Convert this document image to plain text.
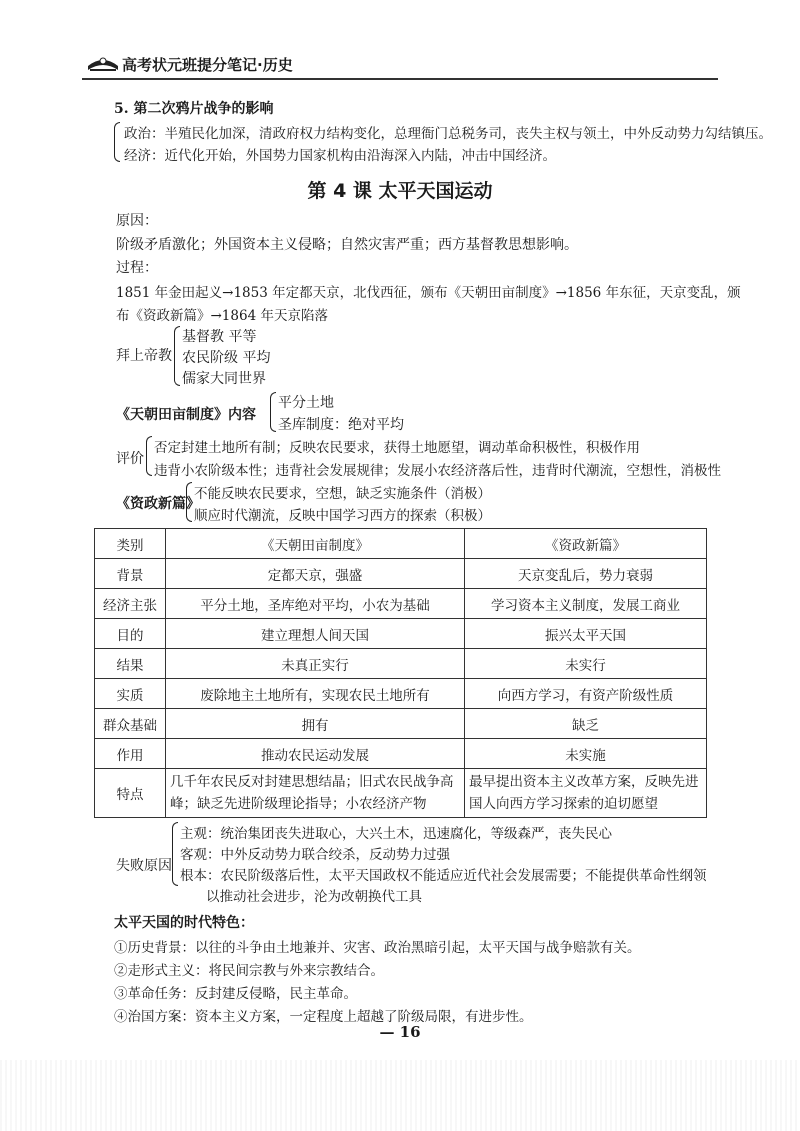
高考状元班提分笔记·历史
5. 第二次鸦片战争的影响
政治：半殖民化加深，清政府权力结构变化，总理衙门总税务司，丧失主权与领土，中外反动势力勾结镇压。
经济：近代化开始，外国势力国家机构由沿海深入内陆，冲击中国经济。
第 4 课 太平天国运动
原因：
阶级矛盾激化；外国资本主义侵略；自然灾害严重；西方基督教思想影响。
过程：
1851 年金田起义→1853 年定都天京，北伐西征，颁布《天朝田亩制度》→1856 年东征，天京变乱，颁
布《资政新篇》→1864 年天京陷落
拜上帝教
基督教 平等
农民阶级 平均
儒家大同世界
《天朝田亩制度》内容
平分土地
圣库制度：绝对平均
评价
否定封建土地所有制；反映农民要求，获得土地愿望，调动革命积极性，积极作用
违背小农阶级本性；违背社会发展规律；发展小农经济落后性，违背时代潮流，空想性，消极性
《资政新篇》
不能反映农民要求，空想，缺乏实施条件（消极）
顺应时代潮流，反映中国学习西方的探索（积极）
类别	《天朝田亩制度》	《资政新篇》
背景	定都天京，强盛	天京变乱后，势力衰弱
经济主张	平分土地，圣库绝对平均，小农为基础	学习资本主义制度，发展工商业
目的	建立理想人间天国	振兴太平天国
结果	未真正实行	未实行
实质	废除地主土地所有，实现农民土地所有	向西方学习，有资产阶级性质
群众基础	拥有	缺乏
作用	推动农民运动发展	未实施
特点	几千年农民反对封建思想结晶；旧式农民战争高峰；缺乏先进阶级理论指导；小农经济产物	最早提出资本主义改革方案，反映先进国人向西方学习探索的迫切愿望
失败原因
主观：统治集团丧失进取心，大兴土木，迅速腐化，等级森严，丧失民心
客观：中外反动势力联合绞杀，反动势力过强
根本：农民阶级落后性，太平天国政权不能适应近代社会发展需要；不能提供革命性纲领
以推动社会进步，沦为改朝换代工具
太平天国的时代特色：
①历史背景：以往的斗争由土地兼并、灾害、政治黑暗引起，太平天国与战争赔款有关。
②走形式主义：将民间宗教与外来宗教结合。
③革命任务：反封建反侵略，民主革命。
④治国方案：资本主义方案，一定程度上超越了阶级局限，有进步性。
— 16
